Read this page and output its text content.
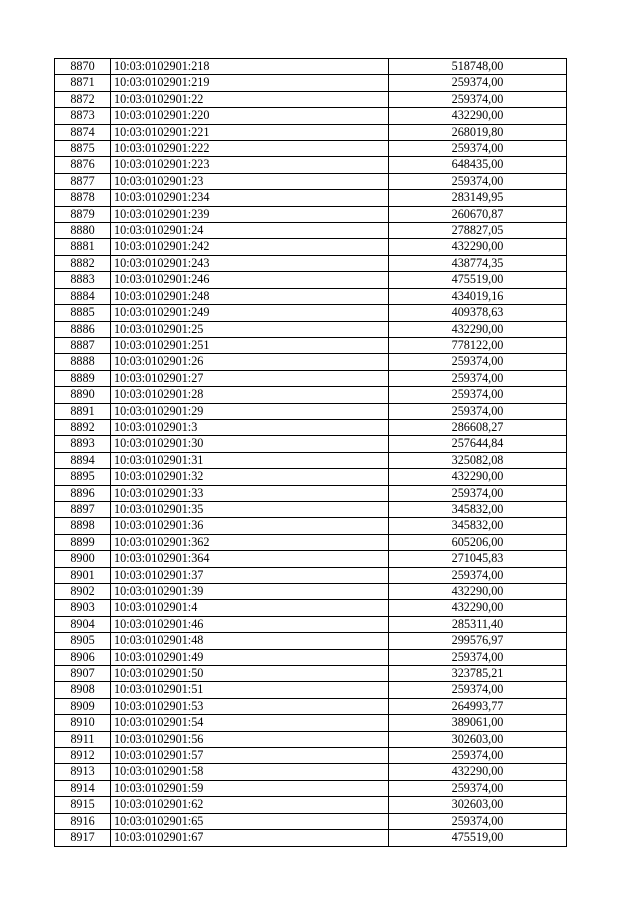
8870	10:03:0102901:218	518748,00
8871	10:03:0102901:219	259374,00
8872	10:03:0102901:22	259374,00
8873	10:03:0102901:220	432290,00
8874	10:03:0102901:221	268019,80
8875	10:03:0102901:222	259374,00
8876	10:03:0102901:223	648435,00
8877	10:03:0102901:23	259374,00
8878	10:03:0102901:234	283149,95
8879	10:03:0102901:239	260670,87
8880	10:03:0102901:24	278827,05
8881	10:03:0102901:242	432290,00
8882	10:03:0102901:243	438774,35
8883	10:03:0102901:246	475519,00
8884	10:03:0102901:248	434019,16
8885	10:03:0102901:249	409378,63
8886	10:03:0102901:25	432290,00
8887	10:03:0102901:251	778122,00
8888	10:03:0102901:26	259374,00
8889	10:03:0102901:27	259374,00
8890	10:03:0102901:28	259374,00
8891	10:03:0102901:29	259374,00
8892	10:03:0102901:3	286608,27
8893	10:03:0102901:30	257644,84
8894	10:03:0102901:31	325082,08
8895	10:03:0102901:32	432290,00
8896	10:03:0102901:33	259374,00
8897	10:03:0102901:35	345832,00
8898	10:03:0102901:36	345832,00
8899	10:03:0102901:362	605206,00
8900	10:03:0102901:364	271045,83
8901	10:03:0102901:37	259374,00
8902	10:03:0102901:39	432290,00
8903	10:03:0102901:4	432290,00
8904	10:03:0102901:46	285311,40
8905	10:03:0102901:48	299576,97
8906	10:03:0102901:49	259374,00
8907	10:03:0102901:50	323785,21
8908	10:03:0102901:51	259374,00
8909	10:03:0102901:53	264993,77
8910	10:03:0102901:54	389061,00
8911	10:03:0102901:56	302603,00
8912	10:03:0102901:57	259374,00
8913	10:03:0102901:58	432290,00
8914	10:03:0102901:59	259374,00
8915	10:03:0102901:62	302603,00
8916	10:03:0102901:65	259374,00
8917	10:03:0102901:67	475519,00
